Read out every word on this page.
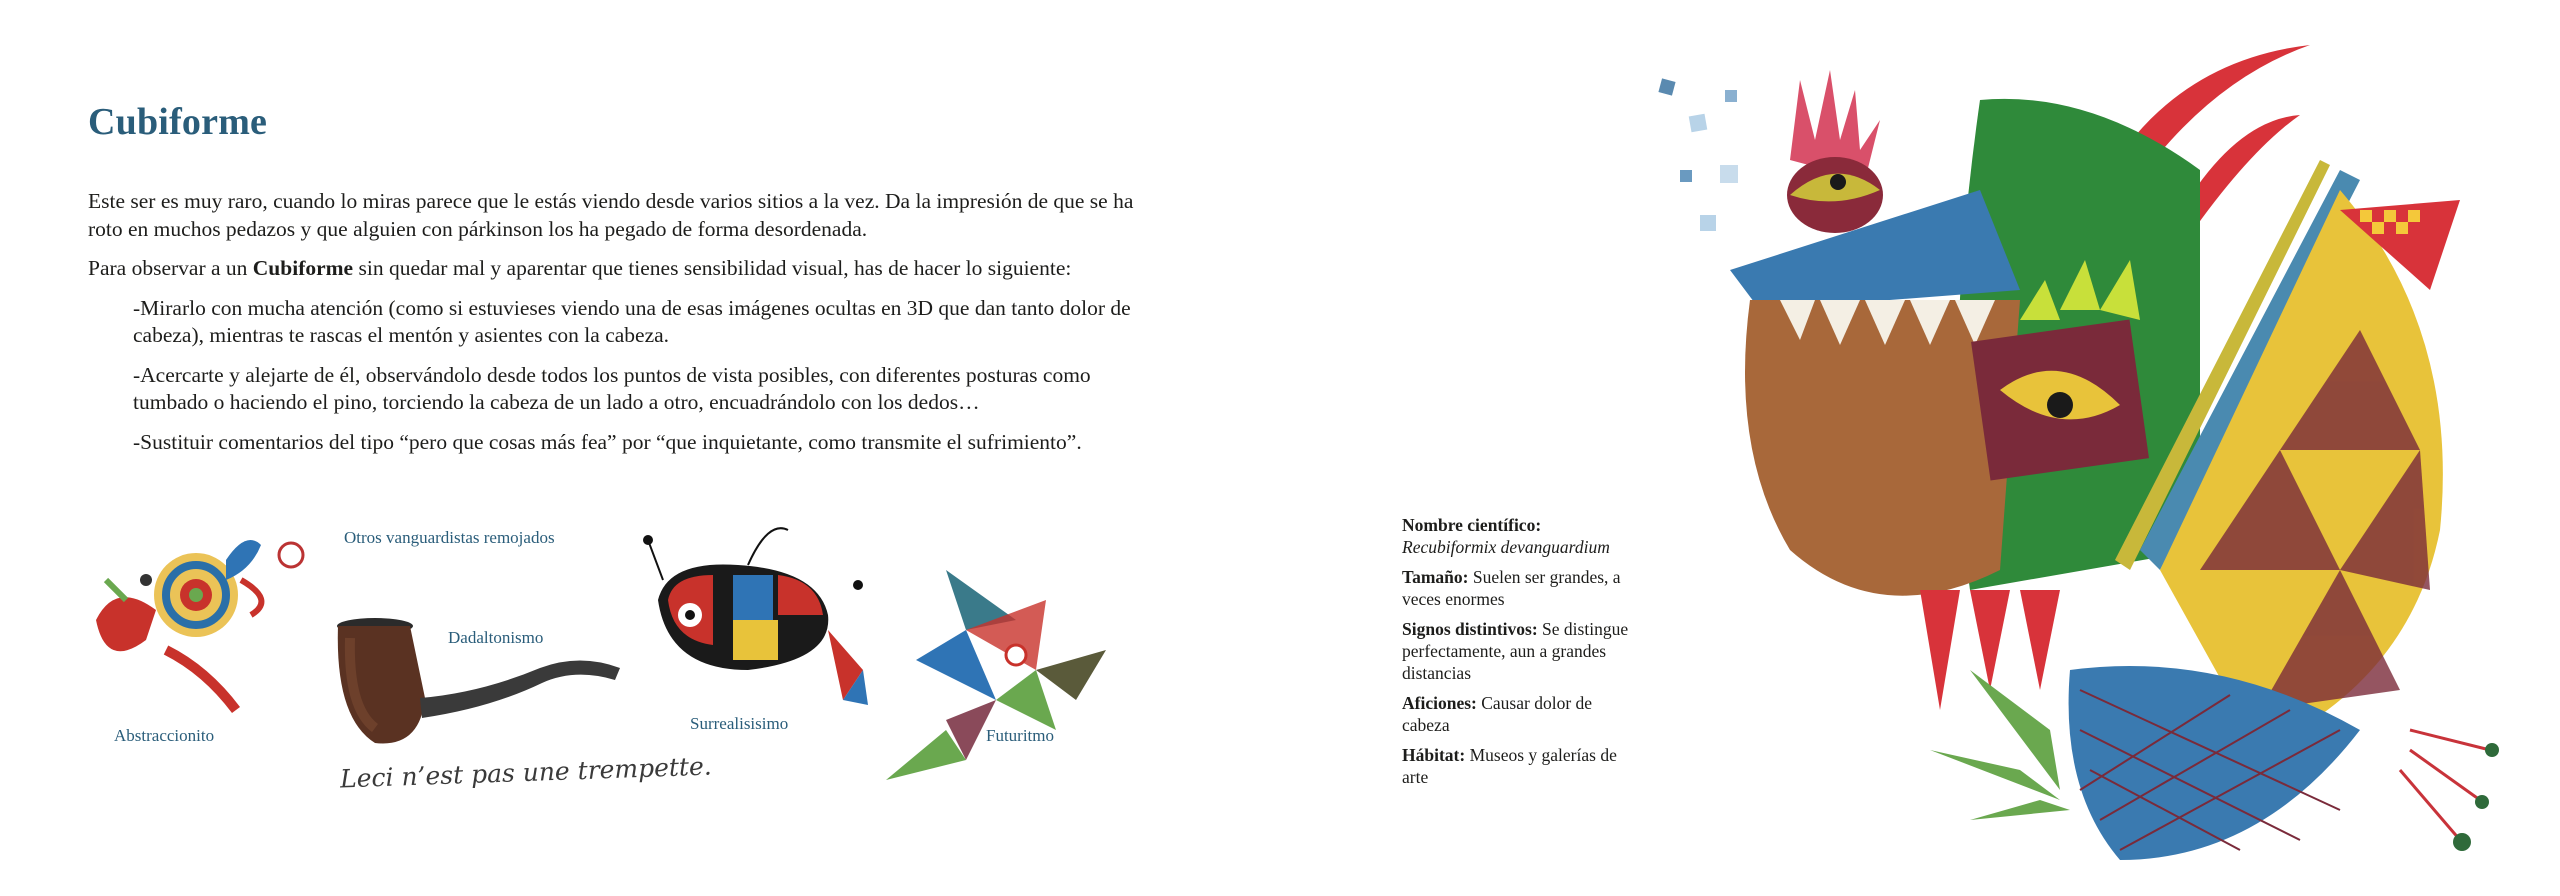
Cubiforme

Este ser es muy raro, cuando lo miras parece que le estás viendo desde varios sitios a la vez. Da la impresión de que se ha roto en muchos pedazos y que alguien con párkinson los ha pegado de forma desordenada.

Para observar a un Cubiforme sin quedar mal y aparentar que tienes sensibilidad visual, has de hacer lo siguiente:

-Mirarlo con mucha atención (como si estuvieses viendo una de esas imágenes ocultas en 3D que dan tanto dolor de cabeza), mientras te rascas el mentón y asientes con la cabeza.

-Acercarte y alejarte de él, observándolo desde todos los puntos de vista posibles, con diferentes posturas como tumbado o haciendo el pino, torciendo la cabeza de un lado a otro, encuadrándolo con los dedos…

-Sustituir comentarios del tipo “pero que cosas más fea” por “que inquietante, como transmite el sufrimiento”.

Abstraccionito
Otros vanguardistas remojados
Dadaltonismo
Leci n’est pas une trempette.
Surrealisisimo
Futuritmo
Nombre científico:
Recubiformix devanguardium
Tamaño: Suelen ser grandes, a veces enormes
Signos distintivos: Se distingue perfectamente, aun a grandes distancias
Aficiones: Causar dolor de cabeza
Hábitat: Museos y galerías de arte
